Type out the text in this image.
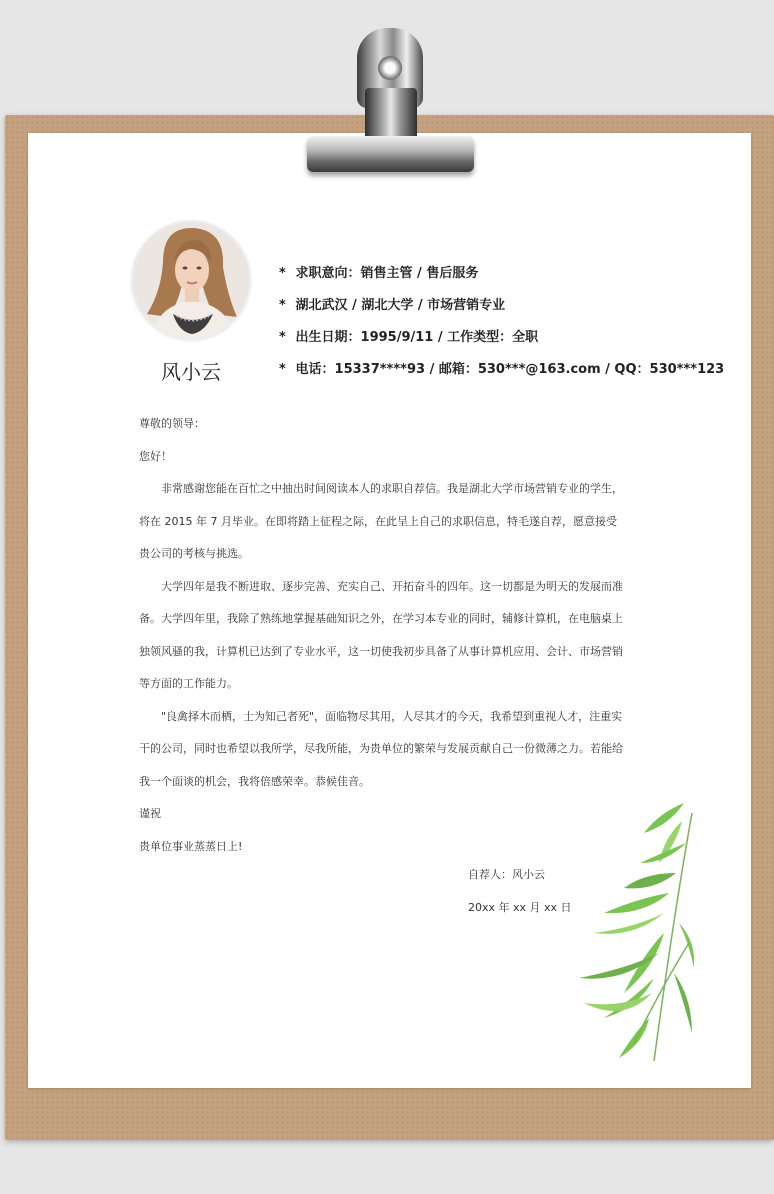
风小云
* 求职意向：销售主管 / 售后服务
* 湖北武汉 / 湖北大学 / 市场营销专业
* 出生日期：1995/9/11 / 工作类型：全职
* 电话：15337****93 / 邮箱：530***@163.com / QQ：530***123

尊敬的领导：

您好！

非常感谢您能在百忙之中抽出时间阅读本人的求职自荐信。我是湖北大学市场营销专业的学生，将在 2015 年 7 月毕业。在即将踏上征程之际，在此呈上自己的求职信息，特毛遂自荐，愿意接受贵公司的考核与挑选。

大学四年是我不断进取、逐步完善、充实自己、开拓奋斗的四年。这一切都是为明天的发展而准备。大学四年里，我除了熟练地掌握基础知识之外，在学习本专业的同时，辅修计算机，在电脑桌上独领风骚的我，计算机已达到了专业水平，这一切使我初步具备了从事计算机应用、会计、市场营销等方面的工作能力。

"良禽择木而栖，士为知己者死"，面临物尽其用，人尽其才的今天，我希望到重视人才，注重实干的公司，同时也希望以我所学，尽我所能，为贵单位的繁荣与发展贡献自己一份微薄之力。若能给我一个面谈的机会，我将倍感荣幸。恭候佳音。

谨祝

贵单位事业蒸蒸日上!

自荐人：风小云
20xx 年 xx 月 xx 日
